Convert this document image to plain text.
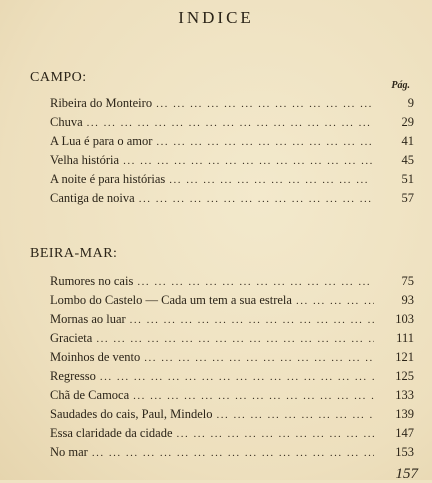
INDICE
CAMPO:
Pág.
Ribeira do Monteiro ... .	9
Chuva ... .	29
A Lua é para o amor ... .	41
Velha história ... .	45
A noite é para histórias ... .	51
Cantiga de noiva ... .	57
BEIRA-MAR:
Rumores no cais ... .	75
Lombo do Castelo — Cada um tem a sua estrela ... .	93
Mornas ao luar ... .	103
Gracieta ... .	111
Moinhos de vento ... .	121
Regresso ... .	125
Chã de Camoca ... .	133
Saudades do cais, Paul, Mindelo ... .	139
Essa claridade da cidade ... .	147
No mar ... .	153
157
